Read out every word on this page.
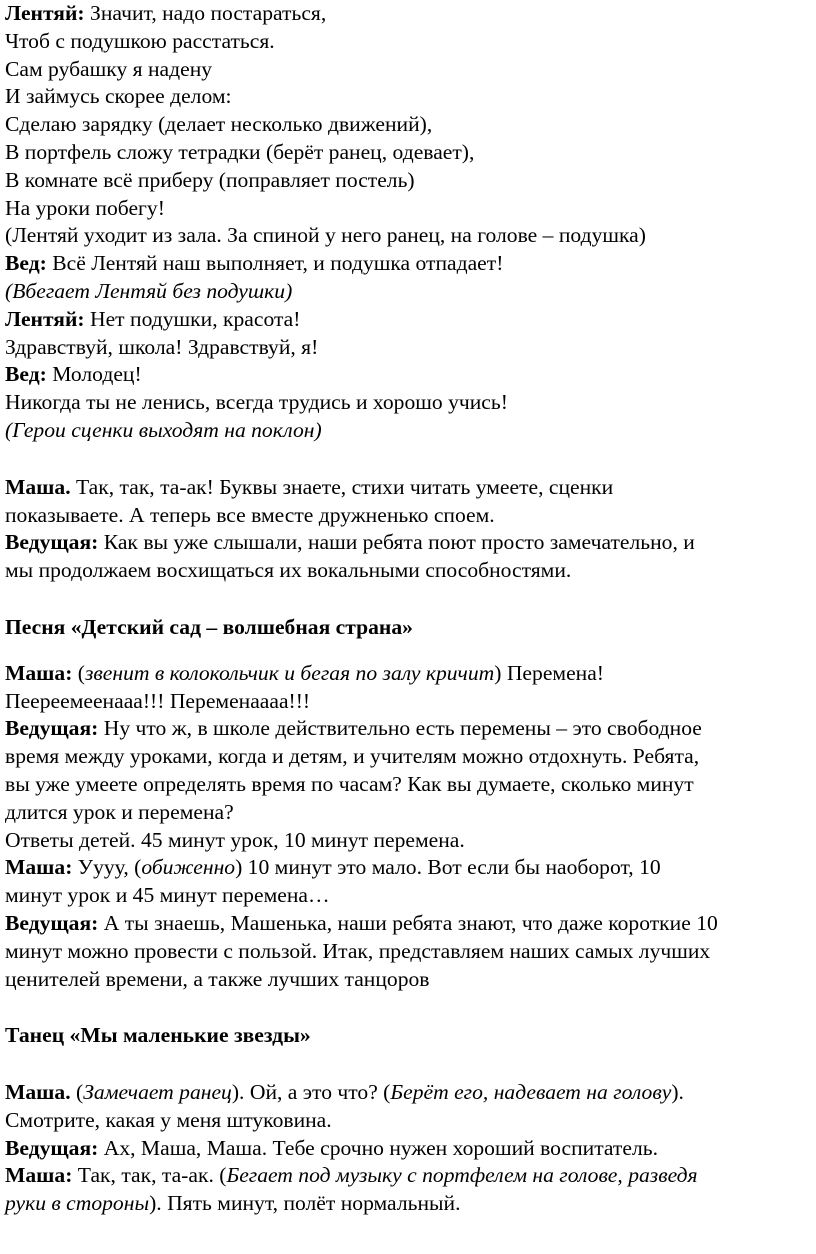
Лентяй: Значит, надо постараться,
Чтоб с подушкою расстаться.
Сам рубашку я надену
И займусь скорее делом:
Сделаю зарядку (делает несколько движений),
В портфель сложу тетрадки (берёт ранец, одевает),
В комнате всё приберу (поправляет постель)
На уроки побегу!
(Лентяй уходит из зала. За спиной у него ранец, на голове – подушка)
Вед: Всё Лентяй наш выполняет, и подушка отпадает!
(Вбегает Лентяй без подушки)
Лентяй: Нет подушки, красота!
Здравствуй, школа! Здравствуй, я!
Вед: Молодец!
Никогда ты не ленись, всегда трудись и хорошо учись!
(Герои сценки выходят на поклон)
Маша. Так, так, та-ак! Буквы знаете, стихи читать умеете, сценки
показываете. А теперь все вместе дружненько споем.
Ведущая: Как вы уже слышали, наши ребята поют просто замечательно, и
мы продолжаем восхищаться их вокальными способностями.
Песня «Детский сад – волшебная страна»
Маша: (звенит в колокольчик и бегая по залу кричит) Перемена!
Пеереемеенааа!!! Переменаааа!!!
Ведущая: Ну что ж, в школе действительно есть перемены – это свободное
время между уроками, когда и детям, и учителям можно отдохнуть. Ребята,
вы уже умеете определять время по часам? Как вы думаете, сколько минут
длится урок и перемена?
Ответы детей. 45 минут урок, 10 минут перемена.
Маша: Уууу, (обиженно) 10 минут это мало. Вот если бы наоборот, 10
минут урок и 45 минут перемена…
Ведущая: А ты знаешь, Машенька, наши ребята знают, что даже короткие 10
минут можно провести с пользой. Итак, представляем наших самых лучших
ценителей времени, а также лучших танцоров
Танец «Мы маленькие звезды»
Маша. (Замечает ранец). Ой, а это что? (Берёт его, надевает на голову).
Смотрите, какая у меня штуковина.
Ведущая: Ах, Маша, Маша. Тебе срочно нужен хороший воспитатель.
Маша: Так, так, та-ак. (Бегает под музыку с портфелем на голове, разведя
руки в стороны). Пять минут, полёт нормальный.
